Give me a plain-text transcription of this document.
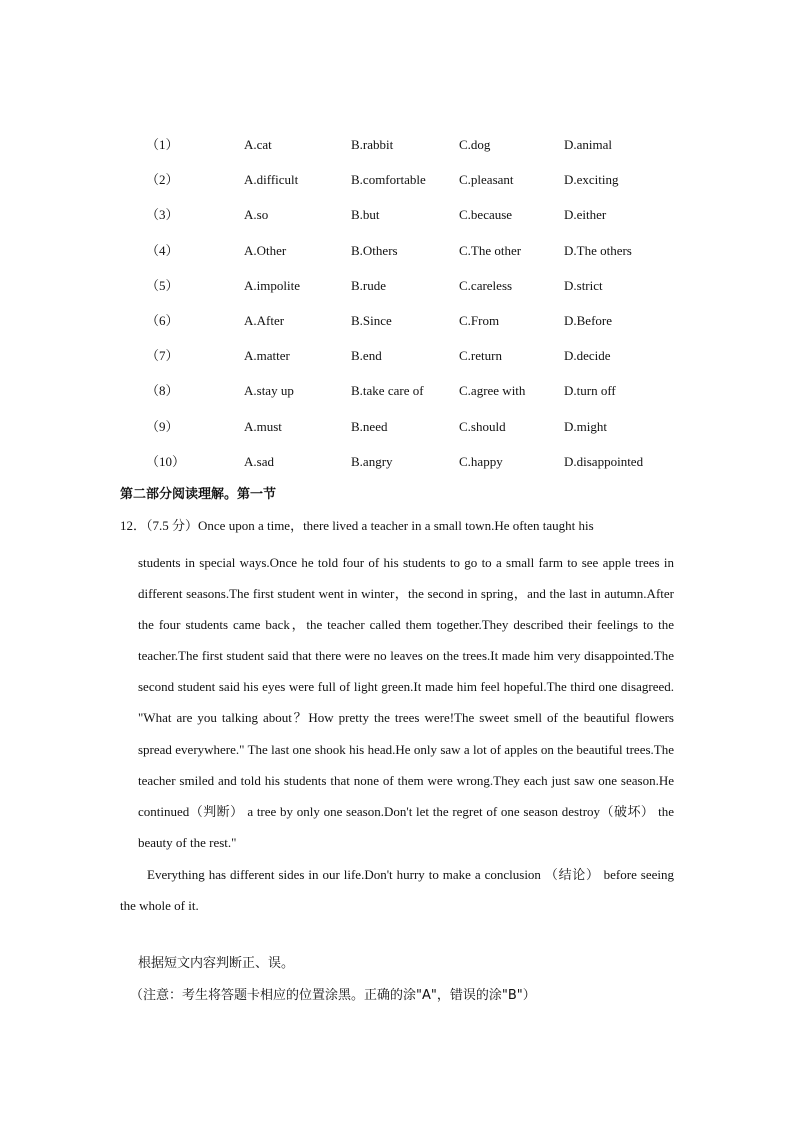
（1）	A.cat	B.rabbit	C.dog	D.animal
（2）	A.difficult	B.comfortable	C.pleasant	D.exciting
（3）	A.so	B.but	C.because	D.either
（4）	A.Other	B.Others	C.The other	D.The others
（5）	A.impolite	B.rude	C.careless	D.strict
（6）	A.After	B.Since	C.From	D.Before
（7）	A.matter	B.end	C.return	D.decide
（8）	A.stay up	B.take care of	C.agree with	D.turn off
（9）	A.must	B.need	C.should	D.might
（10）	A.sad	B.angry	C.happy	D.disappointed
第二部分阅读理解。第一节
12．（7.5 分）Once upon a time，there lived a teacher in a small town.He often taught his
students in special ways.Once he told four of his students to go to a small farm to see apple trees in different seasons.The first student went in winter，the second in spring，and the last in autumn.After the four students came back，the teacher called them together.They described their feelings to the teacher.The first student said that there were no leaves on the trees.It made him very disappointed.The second student said his eyes were full of light green.It made him feel hopeful.The third one disagreed. "What are you talking about？How pretty the trees were!The sweet smell of the beautiful flowers spread everywhere." The last one shook his head.He only saw a lot of apples on the beautiful trees.The teacher smiled and told his students that none of them were wrong.They each just saw one season.He continued（判断） a tree by only one season.Don't let the regret of one season destroy（破坏） the beauty of the rest."
Everything has different sides in our life.Don't hurry to make a conclusion （结论） before seeing the whole of it.
根据短文内容判断正、误。
（注意：考生将答题卡相应的位置涂黑。正确的涂"A"，错误的涂"B"）
